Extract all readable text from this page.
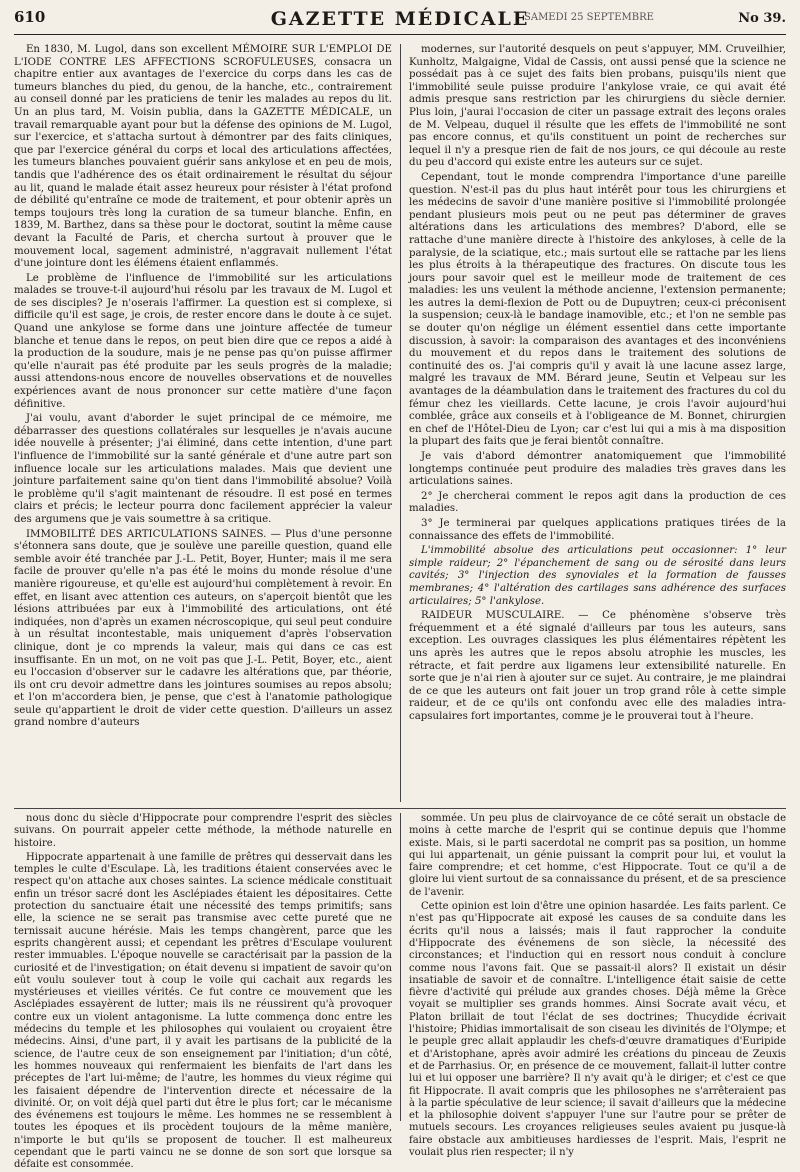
610	GAZETTE MÉDICALE
SAMEDI 25 SEPTEMBRE	No 39.

En 1830, M. Lugol, dans son excellent MÉMOIRE SUR L'EMPLOI DE L'IODE CONTRE LES AFFECTIONS SCROFULEUSES, consacra un chapitre entier aux avantages de l'exercice du corps dans les cas de tumeurs blanches du pied, du genou, de la hanche, etc., contrairement au conseil donné par les praticiens de tenir les malades au repos du lit. Un an plus tard, M. Voisin publia, dans la GAZETTE MÉDICALE, un travail remarquable ayant pour but la défense des opinions de M. Lugol, sur l'exercice, et s'attacha surtout à démontrer par des faits cliniques, que par l'exercice général du corps et local des articulations affectées, les tumeurs blanches pouvaient guérir sans ankylose et en peu de mois, tandis que l'adhérence des os était ordinairement le résultat du séjour au lit, quand le malade était assez heureux pour résister à l'état profond de débilité qu'entraîne ce mode de traitement, et pour obtenir après un temps toujours très long la curation de sa tumeur blanche. Enfin, en 1839, M. Barthez, dans sa thèse pour le doctorat, soutint la même cause devant la Faculté de Paris, et chercha surtout à prouver que le mouvement local, sagement administré, n'aggravait nullement l'état d'une jointure dont les élémens étaient enflammés.

Le problème de l'influence de l'immobilité sur les articulations malades se trouve-t-il aujourd'hui résolu par les travaux de M. Lugol et de ses disciples? Je n'oserais l'affirmer. La question est si complexe, si difficile qu'il est sage, je crois, de rester encore dans le doute à ce sujet. Quand une ankylose se forme dans une jointure affectée de tumeur blanche et tenue dans le repos, on peut bien dire que ce repos a aidé à la production de la soudure, mais je ne pense pas qu'on puisse affirmer qu'elle n'aurait pas été produite par les seuls progrès de la maladie; aussi attendons-nous encore de nouvelles observations et de nouvelles expériences avant de nous prononcer sur cette matière d'une façon définitive.

J'ai voulu, avant d'aborder le sujet principal de ce mémoire, me débarrasser des questions collatérales sur lesquelles je n'avais aucune idée nouvelle à présenter; j'ai éliminé, dans cette intention, d'une part l'influence de l'immobilité sur la santé générale et d'une autre part son influence locale sur les articulations malades. Mais que devient une jointure parfaitement saine qu'on tient dans l'immobilité absolue? Voilà le problème qu'il s'agit maintenant de résoudre. Il est posé en termes clairs et précis; le lecteur pourra donc facilement apprécier la valeur des argumens que je vais soumettre à sa critique.

IMMOBILITÉ DES ARTICULATIONS SAINES. — Plus d'une personne s'étonnera sans doute, que je soulève une pareille question, quand elle semble avoir été tranchée par J.-L. Petit, Boyer, Hunter; mais il me sera facile de prouver qu'elle n'a pas été le moins du monde résolue d'une manière rigoureuse, et qu'elle est aujourd'hui complètement à revoir. En effet, en lisant avec attention ces auteurs, on s'aperçoit bientôt que les lésions attribuées par eux à l'immobilité des articulations, ont été indiquées, non d'après un examen nécroscopique, qui seul peut conduire à un résultat incontestable, mais uniquement d'après l'observation clinique, dont je co mprends la valeur, mais qui dans ce cas est insuffisante. En un mot, on ne voit pas que J.-L. Petit, Boyer, etc., aient eu l'occasion d'observer sur le cadavre les altérations que, par théorie, ils ont cru devoir admettre dans les jointures soumises au repos absolu; et l'on m'accordera bien, je pense, que c'est à l'anatomie pathologique seule qu'appartient le droit de vider cette question. D'ailleurs un assez grand nombre d'auteurs

modernes, sur l'autorité desquels on peut s'appuyer, MM. Cruveilhier, Kunholtz, Malgaigne, Vidal de Cassis, ont aussi pensé que la science ne possédait pas à ce sujet des faits bien probans, puisqu'ils nient que l'immobilité seule puisse produire l'ankylose vraie, ce qui avait été admis presque sans restriction par les chirurgiens du siècle dernier. Plus loin, j'aurai l'occasion de citer un passage extrait des leçons orales de M. Velpeau, duquel il résulte que les effets de l'immobilité ne sont pas encore connus, et qu'ils constituent un point de recherches sur lequel il n'y a presque rien de fait de nos jours, ce qui découle au reste du peu d'accord qui existe entre les auteurs sur ce sujet.

Cependant, tout le monde comprendra l'importance d'une pareille question. N'est-il pas du plus haut intérêt pour tous les chirurgiens et les médecins de savoir d'une manière positive si l'immobilité prolongée pendant plusieurs mois peut ou ne peut pas déterminer de graves altérations dans les articulations des membres? D'abord, elle se rattache d'une manière directe à l'histoire des ankyloses, à celle de la paralysie, de la sciatique, etc.; mais surtout elle se rattache par les liens les plus étroits à la thérapeutique des fractures. On discute tous les jours pour savoir quel est le meilleur mode de traitement de ces maladies: les uns veulent la méthode ancienne, l'extension permanente; les autres la demi-flexion de Pott ou de Dupuytren; ceux-ci préconisent la suspension; ceux-là le bandage inamovible, etc.; et l'on ne semble pas se douter qu'on néglige un élément essentiel dans cette importante discussion, à savoir: la comparaison des avantages et des inconvéniens du mouvement et du repos dans le traitement des solutions de continuité des os. J'ai compris qu'il y avait là une lacune assez large, malgré les travaux de MM. Bérard jeune, Seutin et Velpeau sur les avantages de la déambulation dans le traitement des fractures du col du fémur chez les vieillards. Cette lacune, je crois l'avoir aujourd'hui comblée, grâce aux conseils et à l'obligeance de M. Bonnet, chirurgien en chef de l'Hôtel-Dieu de Lyon; car c'est lui qui a mis à ma disposition la plupart des faits que je ferai bientôt connaître.

Je vais d'abord démontrer anatomiquement que l'immobilité longtemps continuée peut produire des maladies très graves dans les articulations saines.

2° Je chercherai comment le repos agit dans la production de ces maladies.

3° Je terminerai par quelques applications pratiques tirées de la connaissance des effets de l'immobilité.

L'immobilité absolue des articulations peut occasionner: 1° leur simple raideur; 2° l'épanchement de sang ou de sérosité dans leurs cavités; 3° l'injection des synoviales et la formation de fausses membranes; 4° l'altération des cartilages sans adhérence des surfaces articulaires; 5° l'ankylose.

RAIDEUR MUSCULAIRE. — Ce phénomène s'observe très fréquemment et a été signalé d'ailleurs par tous les auteurs, sans exception. Les ouvrages classiques les plus élémentaires répètent les uns après les autres que le repos absolu atrophie les muscles, les rétracte, et fait perdre aux ligamens leur extensibilité naturelle. En sorte que je n'ai rien à ajouter sur ce sujet. Au contraire, je me plaindrai de ce que les auteurs ont fait jouer un trop grand rôle à cette simple raideur, et de ce qu'ils ont confondu avec elle des maladies intra-capsulaires fort importantes, comme je le prouverai tout à l'heure.

nous donc du siècle d'Hippocrate pour comprendre l'esprit des siècles suivans. On pourrait appeler cette méthode, la méthode naturelle en histoire.

Hippocrate appartenait à une famille de prêtres qui desservait dans les temples le culte d'Esculape. Là, les traditions étaient conservées avec le respect qu'on attache aux choses saintes. La science médicale constituait enfin un trésor sacré dont les Asclépiades étaient les dépositaires. Cette protection du sanctuaire était une nécessité des temps primitifs; sans elle, la science ne se serait pas transmise avec cette pureté que ne ternissait aucune hérésie. Mais les temps changèrent, parce que les esprits changèrent aussi; et cependant les prêtres d'Esculape voulurent rester immuables. L'époque nouvelle se caractérisait par la passion de la curiosité et de l'investigation; on était devenu si impatient de savoir qu'on eût voulu soulever tout à coup le voile qui cachait aux regards les mystérieuses et vieilles vérités. Ce fut contre ce mouvement que les Asclépiades essayèrent de lutter; mais ils ne réussirent qu'à provoquer contre eux un violent antagonisme. La lutte commença donc entre les médecins du temple et les philosophes qui voulaient ou croyaient être médecins. Ainsi, d'une part, il y avait les partisans de la publicité de la science, de l'autre ceux de son enseignement par l'initiation; d'un côté, les hommes nouveaux qui renfermaient les bienfaits de l'art dans les préceptes de l'art lui-même; de l'autre, les hommes du vieux régime qui les faisaient dépendre de l'intervention directe et nécessaire de la divinité. Or, on voit déjà quel parti dut être le plus fort; car le mécanisme des événemens est toujours le même. Les hommes ne se ressemblent à toutes les époques et ils procèdent toujours de la même manière, n'importe le but qu'ils se proposent de toucher. Il est malheureux cependant que le parti vaincu ne se donne de son sort que lorsque sa défaite est consommée.

sommée. Un peu plus de clairvoyance de ce côté serait un obstacle de moins à cette marche de l'esprit qui se continue depuis que l'homme existe. Mais, si le parti sacerdotal ne comprit pas sa position, un homme qui lui appartenait, un génie puissant la comprit pour lui, et voulut la faire comprendre; et cet homme, c'est Hippocrate. Tout ce qu'il a de gloire lui vient surtout de sa connaissance du présent, et de sa prescience de l'avenir.

Cette opinion est loin d'être une opinion hasardée. Les faits parlent. Ce n'est pas qu'Hippocrate ait exposé les causes de sa conduite dans les écrits qu'il nous a laissés; mais il faut rapprocher la conduite d'Hippocrate des événemens de son siècle, la nécessité des circonstances; et l'induction qui en ressort nous conduit à conclure comme nous l'avons fait. Que se passait-il alors? Il existait un désir insatiable de savoir et de connaître. L'intelligence était saisie de cette fièvre d'activité qui prélude aux grandes choses. Déjà même la Grèce voyait se multiplier ses grands hommes. Ainsi Socrate avait vécu, et Platon brillait de tout l'éclat de ses doctrines; Thucydide écrivait l'histoire; Phidias immortalisait de son ciseau les divinités de l'Olympe; et le peuple grec allait applaudir les chefs-d'œuvre dramatiques d'Euripide et d'Aristophane, après avoir admiré les créations du pinceau de Zeuxis et de Parrhasius. Or, en présence de ce mouvement, fallait-il lutter contre lui et lui opposer une barrière? Il n'y avait qu'à le diriger; et c'est ce que fit Hippocrate. Il avait compris que les philosophes ne s'arrêteraient pas à la partie spéculative de leur science; il savait d'ailleurs que la médecine et la philosophie doivent s'appuyer l'une sur l'autre pour se prêter de mutuels secours. Les croyances religieuses seules avaient pu jusque-là faire obstacle aux ambitieuses hardiesses de l'esprit. Mais, l'esprit ne voulait plus rien respecter; il n'y
